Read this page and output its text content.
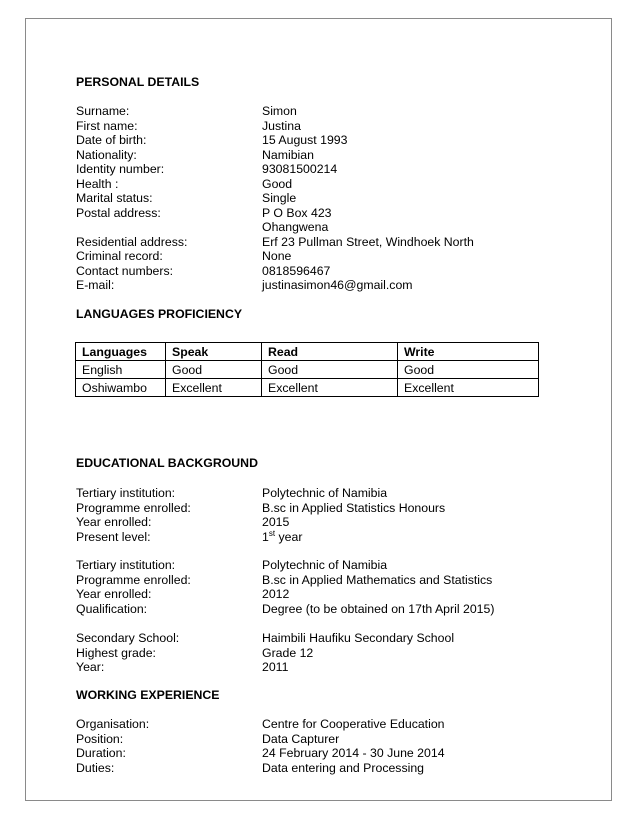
PERSONAL DETAILS
Surname:	Simon
First name:	Justina
Date of birth:	15 August 1993
Nationality:	Namibian
Identity number:	93081500214
Health :	Good
Marital status:	Single
Postal address:	P O Box 423
Ohangwena
Residential address:	Erf 23 Pullman Street, Windhoek North
Criminal record:	None
Contact numbers:	0818596467
E-mail:	justinasimon46@gmail.com
LANGUAGES PROFICIENCY
Languages	Speak	Read	Write
English	Good	Good	Good
Oshiwambo	Excellent	Excellent	Excellent
EDUCATIONAL BACKGROUND
Tertiary institution:	Polytechnic of Namibia
Programme enrolled:	B.sc in Applied Statistics Honours
Year enrolled:	2015
Present level:	1st year
Tertiary institution:	Polytechnic of Namibia
Programme enrolled:	B.sc in Applied Mathematics and Statistics
Year enrolled:	2012
Qualification:	Degree (to be obtained on 17th April 2015)
Secondary School:	Haimbili Haufiku Secondary School
Highest grade:	Grade 12
Year:	2011
WORKING EXPERIENCE
Organisation:	Centre for Cooperative Education
Position:	Data Capturer
Duration:	24 February 2014 - 30 June 2014
Duties:	Data entering and Processing
